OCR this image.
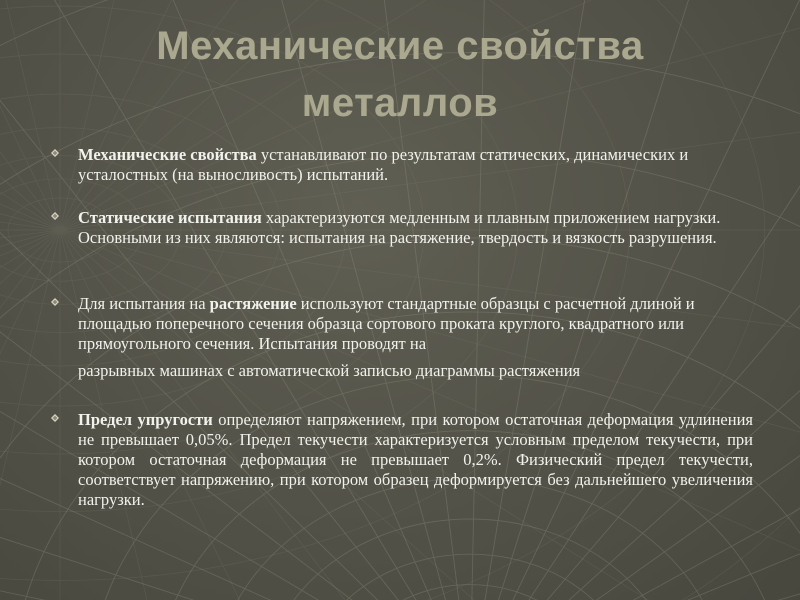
Механические свойства металлов
Механические свойства устанавливают по результатам статических, динамических и усталостных (на выносливость) испытаний.
Статические испытания характеризуются медленным и плавным приложением нагрузки. Основными из них являются: испытания на растяжение, твердость и вязкость разрушения.
Для испытания на растяжение используют стандартные образцы с расчетной длиной и площадью поперечного сечения образца сортового проката круглого, квадратного или прямоугольного сечения. Испытания проводят на
разрывных машинах с автоматической записью диаграммы растяжения
Предел упругости определяют напряжением, при котором остаточная деформация удлинения не превышает 0,05%. Предел текучести характеризуется условным пределом текучести, при котором остаточная деформация не превышает 0,2%. Физический предел текучести, соответствует напряжению, при котором образец деформируется без дальнейшего увеличения нагрузки.
